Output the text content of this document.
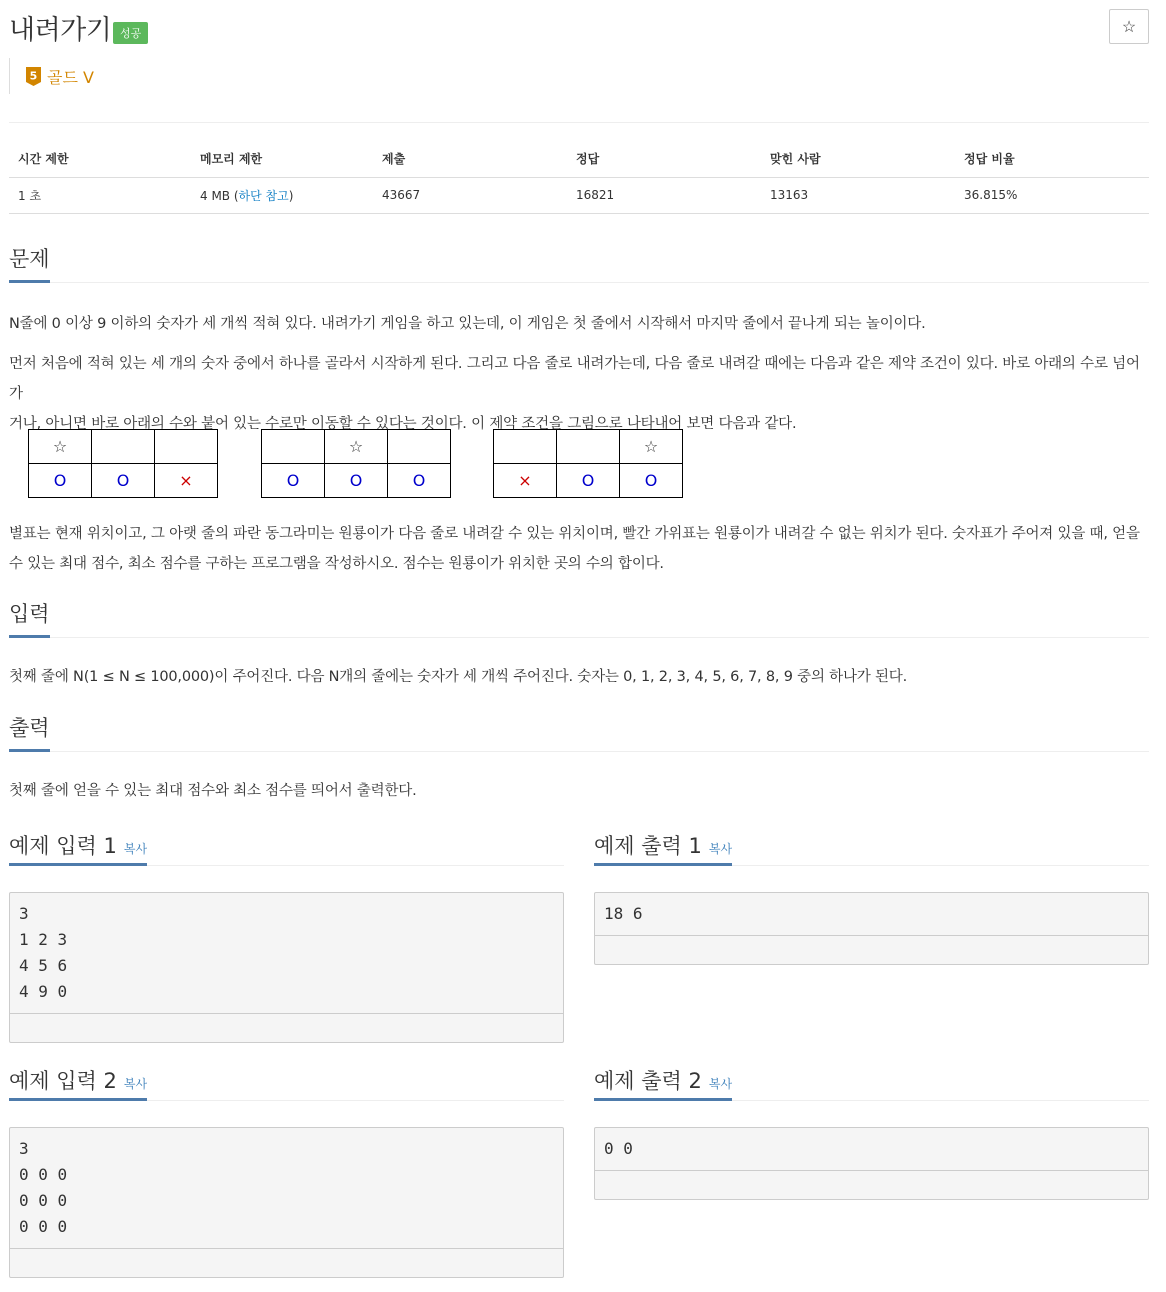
내려가기 성공	☆
5 골드 V
시간 제한	메모리 제한	제출	정답	맞힌 사람	정답 비율
1 초	4 MB (하단 참고)	43667	16821	13163	36.815%
문제
N줄에 0 이상 9 이하의 숫자가 세 개씩 적혀 있다. 내려가기 게임을 하고 있는데, 이 게임은 첫 줄에서 시작해서 마지막 줄에서 끝나게 되는 놀이이다.
먼저 처음에 적혀 있는 세 개의 숫자 중에서 하나를 골라서 시작하게 된다. 그리고 다음 줄로 내려가는데, 다음 줄로 내려갈 때에는 다음과 같은 제약 조건이 있다. 바로 아래의 수로 넘어가
거나, 아니면 바로 아래의 수와 붙어 있는 수로만 이동할 수 있다는 것이다. 이 제약 조건을 그림으로 나타내어 보면 다음과 같다.
☆		
O	O	×
	☆	
O	O	O
		☆
×	O	O
별표는 현재 위치이고, 그 아랫 줄의 파란 동그라미는 원룡이가 다음 줄로 내려갈 수 있는 위치이며, 빨간 가위표는 원룡이가 내려갈 수 없는 위치가 된다. 숫자표가 주어져 있을 때, 얻을
수 있는 최대 점수, 최소 점수를 구하는 프로그램을 작성하시오. 점수는 원룡이가 위치한 곳의 수의 합이다.
입력
첫째 줄에 N(1 ≤ N ≤ 100,000)이 주어진다. 다음 N개의 줄에는 숫자가 세 개씩 주어진다. 숫자는 0, 1, 2, 3, 4, 5, 6, 7, 8, 9 중의 하나가 된다.
출력
첫째 줄에 얻을 수 있는 최대 점수와 최소 점수를 띄어서 출력한다.
예제 입력 1 복사
3
1 2 3
4 5 6
4 9 0
예제 출력 1 복사
18 6
예제 입력 2 복사
3
0 0 0
0 0 0
0 0 0
예제 출력 2 복사
0 0
